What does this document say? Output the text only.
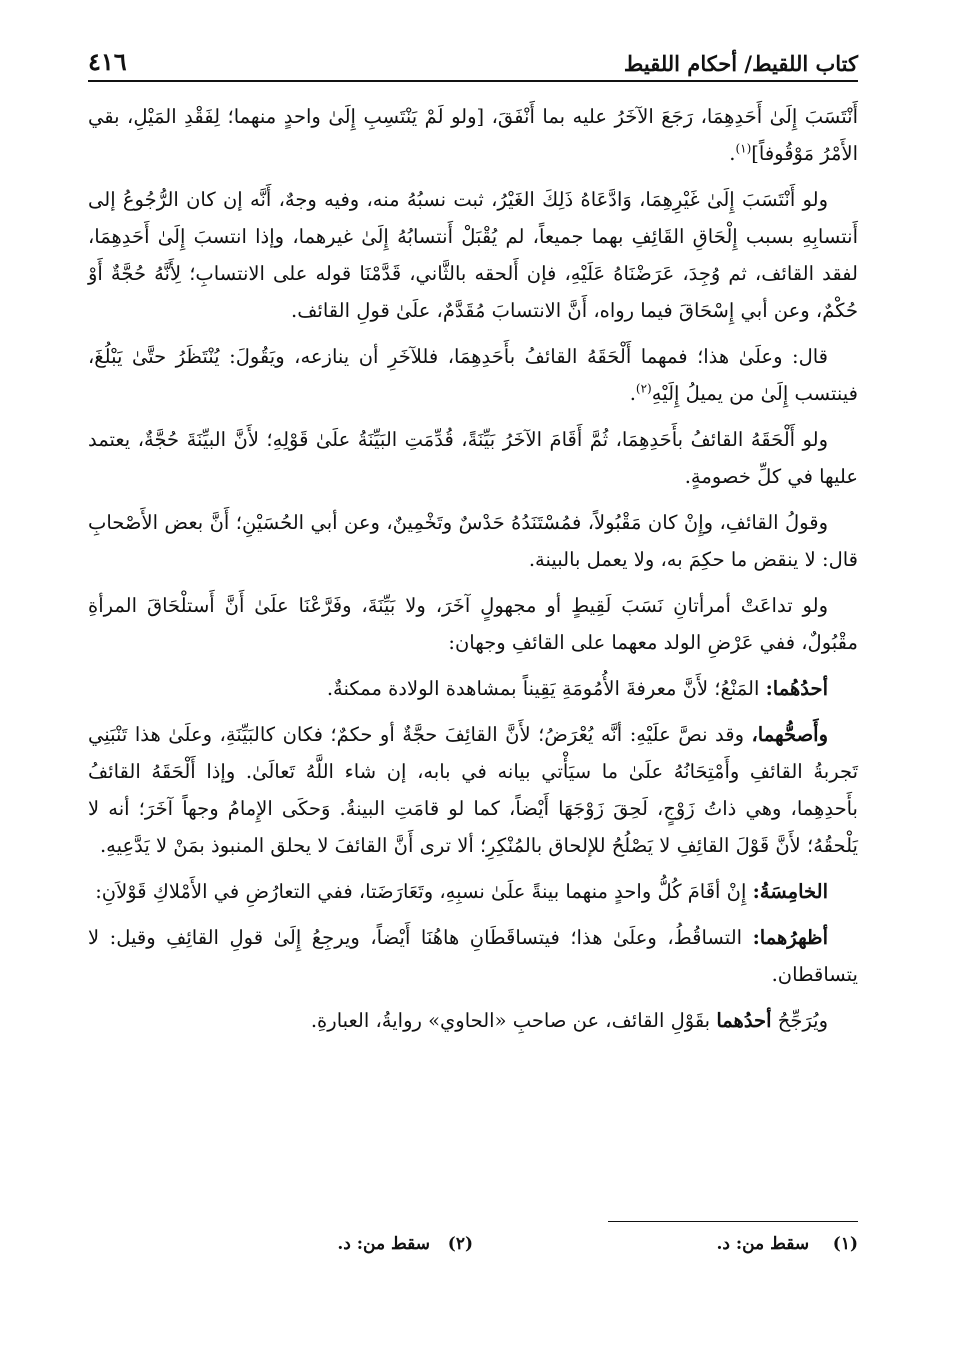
كتاب اللقيط/ أحكام اللقيط
٤١٦

أَنْتَسَبَ إِلَىٰ أَحَدِهِمَا، رَجَعَ الآخَرُ عليه بما أَنْفَقَ، [ولو لَمْ يَنْتَسِبِ إِلَىٰ واحدٍ منهما؛ لِفَقْدِ المَيْلِ، بقي الأَمْرُ مَوْقُوفاً]$^{(١)}$.

ولو أَنْتَسَبَ إِلَىٰ غَيْرِهِمَا، وَادَّعَاهُ ذَلِكَ الغَيْرُ، ثبت نسبُهُ منه، وفيه وجهٌ، أَنَّه إن كان الرُّجُوعُ إلى أَنتسابِهِ بسبب إِلْحَاقِ القَائِفِ بهما جميعاً، لم يُقْبَلْ أَنتسابُهُ إِلَىٰ غيرهما، وإذا انتسبَ إِلَىٰ أَحَدِهِمَا، لفقد القائف، ثم وُجِدَ، عَرَضْنَاهُ عَلَيْهِ، فإن أَلحقه بالثَّاني، قَدَّمْنَا قوله على الانتسابِ؛ لِأَنَّهُ حُجَّةٌ أَوْ حُكْمٌ، وعن أبي إِسْحَاقَ فيما رواه، أَنَّ الانتسابَ مُقَدَّمٌ، علَىٰ قولِ القائف.

قال: وعلَىٰ هذا؛ فمهما أَلْحَقَهُ القائفُ بأَحَدِهِمَا، فللآخَرِ أن ينازعه، ويَقُولَ: يُنْتَظَرُ حتَّىٰ يَبْلُغَ، فينتسب إِلَىٰ من يميلُ إِلَيْهِ$^{(٢)}$.

ولو أَلْحَقَهُ القائفُ بأَحَدِهِمَا، ثُمَّ أَقَامَ الآخَرُ بَيِّنَةً، قُدِّمَتِ البَيِّنَةُ علَىٰ قَوْلِهِ؛ لأَنَّ البيِّنَةَ حُجَّةٌ، يعتمد عليها في كلِّ خصومةٍ.

وقولُ القائفِ، وإِنْ كان مَقْبُولاً، فمُسْتَنَدُهُ حَدْسٌ وتَخْمِينٌ، وعن أبي الحُسَيْنِ؛ أَنَّ بعض الأَصْحابِ قال: لا ينقض ما حكِمَ به، ولا يعمل بالبينة.

ولو تداعَتْ أمرأتانِ نَسَبَ لَقِيطٍ أو مجهولٍ آخَرَ، ولا بَيِّنَةَ، وفَرَّعْنَا علَىٰ أَنَّ أَستلْحَاقَ المرأةِ مقْبُولٌ، ففي عَرْضِ الولد معهما على القائفِ وجهان:

أحدُهُما: المَنْعُ؛ لأَنَّ معرفةَ الأُمُومَةِ يَقِيناً بمشاهدة الولادة ممكنةٌ.

وأَصحُّهما، وقد نصَّ علَيْهِ: أنَّه يُعْرَضُ؛ لأَنَّ القائِفَ حجَّةٌ أو حكمٌ؛ فكان كالبَيِّنَةِ، وعلَىٰ هذا تَنْبَنِي تَجربةُ القائفِ وأَمْتِحَانُهُ علَىٰ ما سيَأْتي بيانه في بابه، إن شاء اللَّهُ تَعالَىٰ. وإذا أَلْحَقَهُ القائفُ بأَحدِهِما، وهي ذاتُ زَوْجٍ، لَحِقَ زَوْجَهَا أَيْضاً، كما لو قامَتِ البينةُ. وَحكَى الإِمامُ وجهاً آخَرَ؛ أنه لا يَلْحقُهُ؛ لأَنَّ قَوْلَ القائِفِ لا يَصْلُحُ للإلحاق بالمُنْكِرِ؛ ألا ترى أَنَّ القائفَ لا يحلق المنبوذ بمَنْ لا يَدَّعِيهِ.

الخامِسَةُ: إِنْ أقَامَ كُلُّ واحدٍ منهما بينةً علَىٰ نسبِهِ، وتَعَارَضَتا، ففي التعارُضِ في الأَمْلاكِ قَوْلاَنِ:

أظهرُهما: التساقُطُ، وعلَىٰ هذا؛ فيتساقَطَانِ هاهُنَا أَيْضاً، ويرجِعُ إِلَىٰ قولِ القائِفِ وقيل: لا يتساقطان.

ويُرَجِّحُ أحدُهما بقَوْلِ القائف، عن صاحبِ «الحاوي» روايةُ، العبارةِ.

(١)    سقط من: د.
(٢)   سقط من: د.
